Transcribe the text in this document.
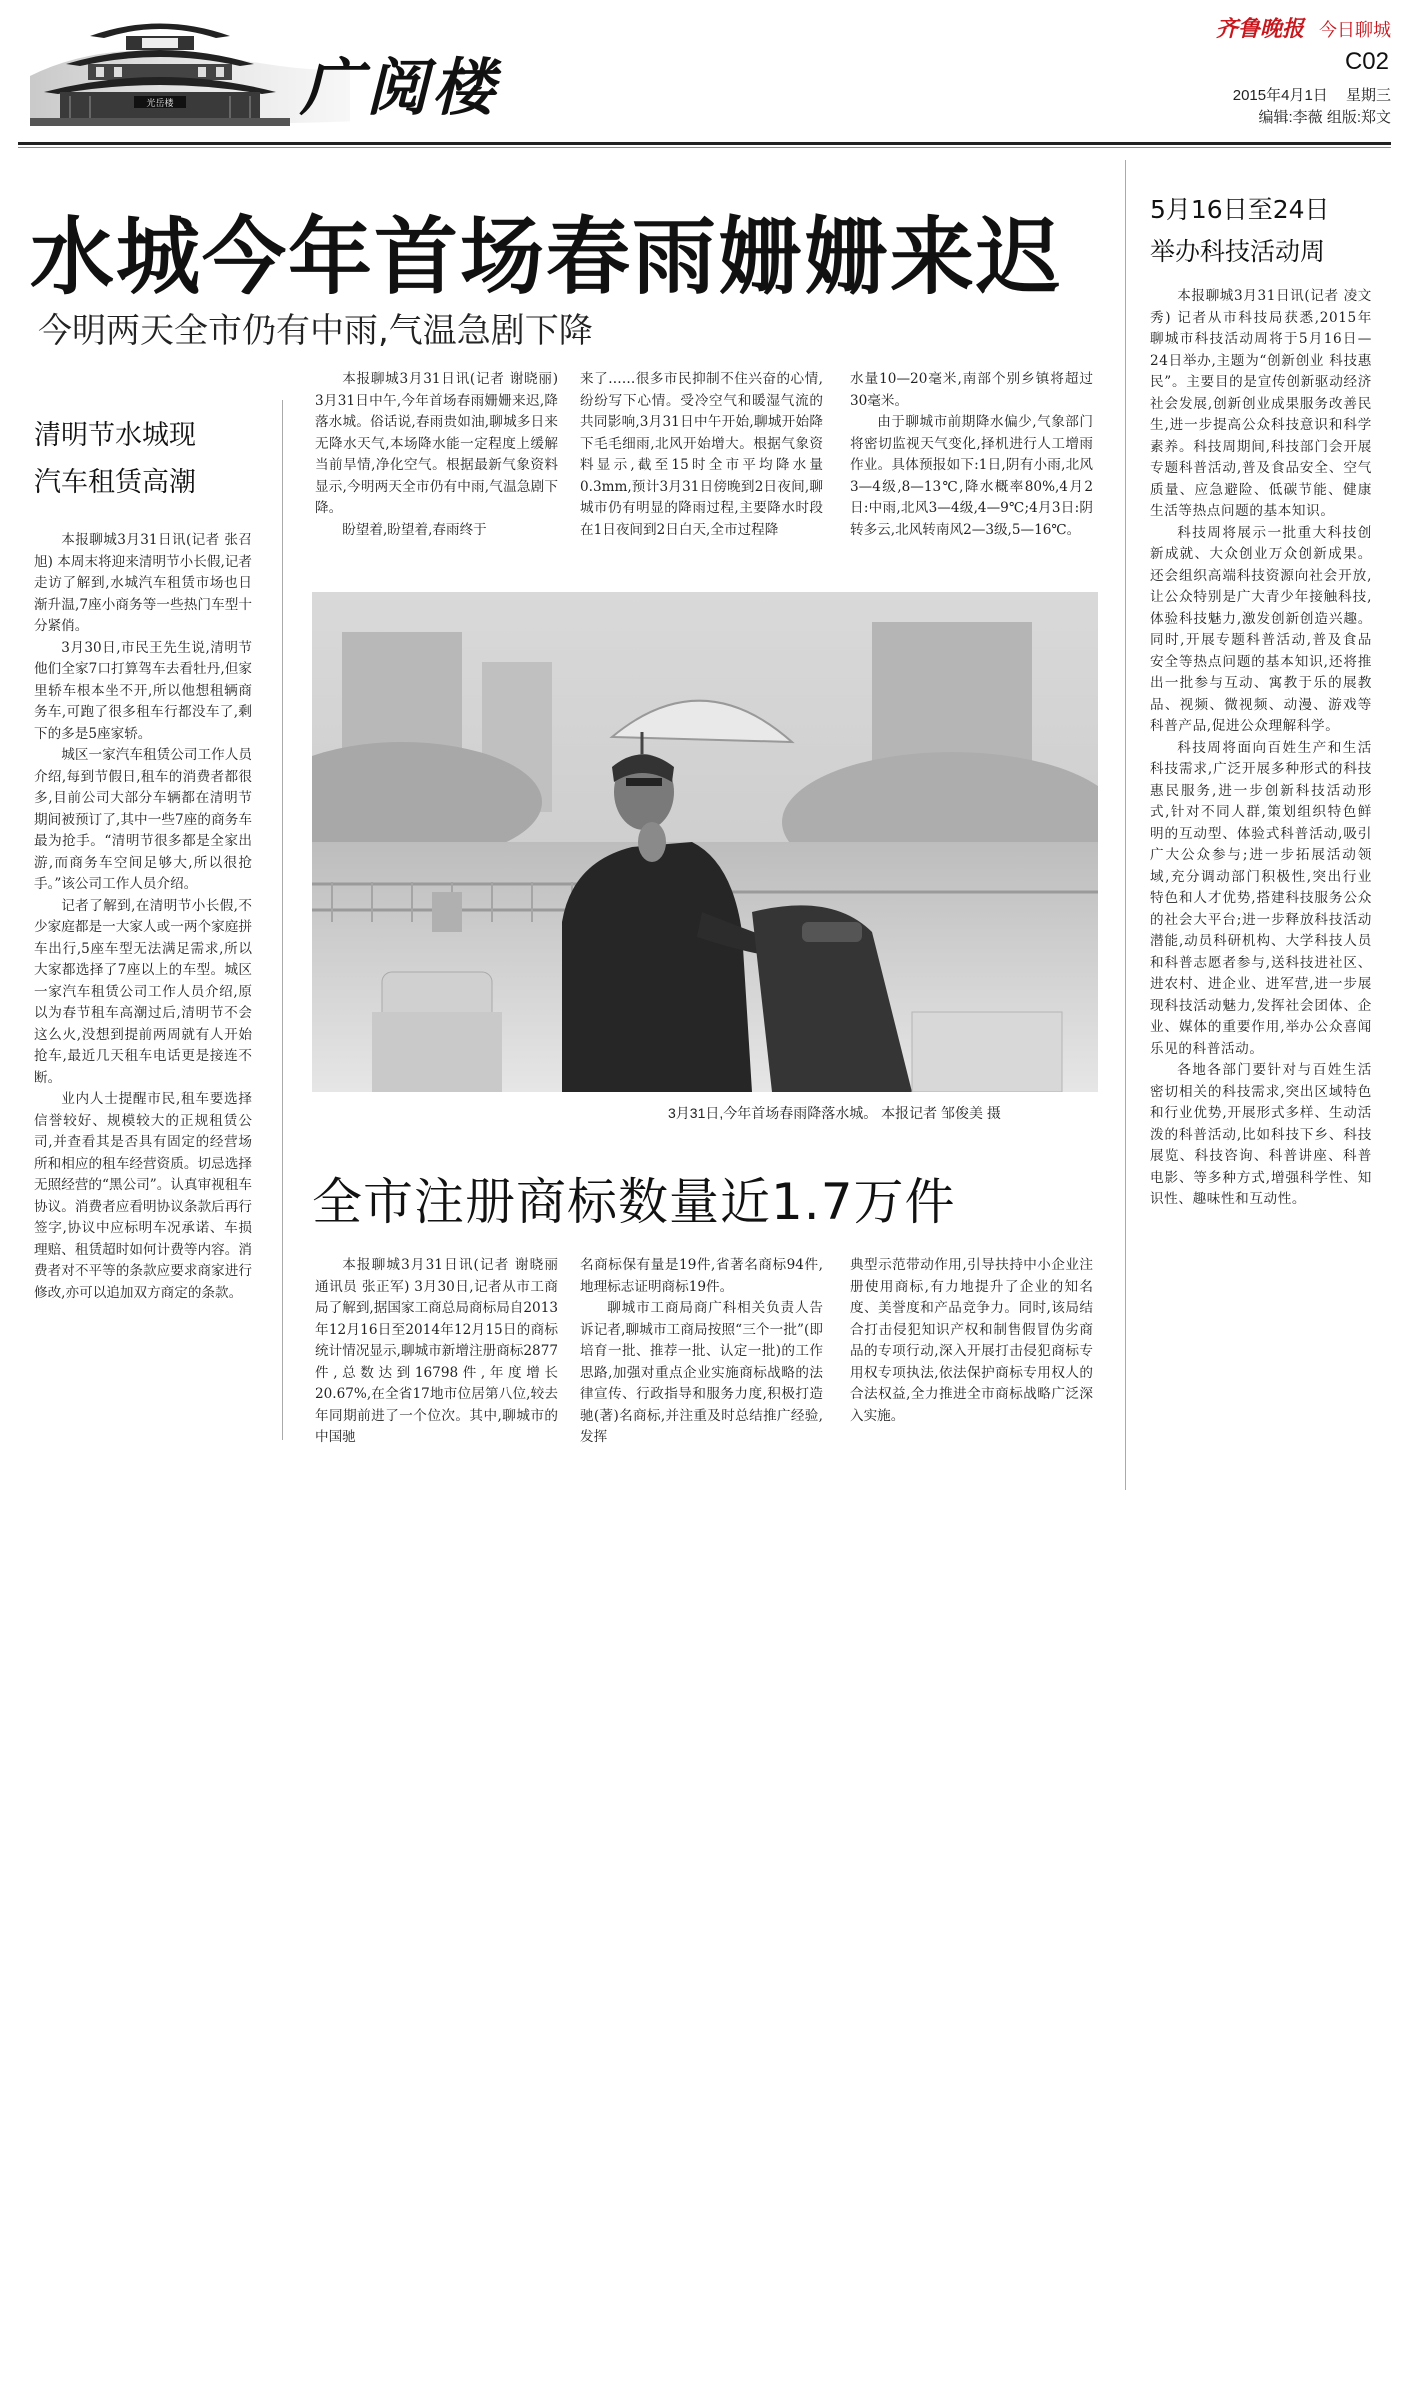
光岳楼 广阅楼
齐鲁晚报 今日聊城
C02
2015年4月1日 星期三
编辑:李薇 组版:郑文
水城今年首场春雨姗姗来迟
今明两天全市仍有中雨,气温急剧下降
清明节水城现
汽车租赁高潮

本报聊城3月31日讯(记者 张召旭) 本周末将迎来清明节小长假,记者走访了解到,水城汽车租赁市场也日渐升温,7座小商务等一些热门车型十分紧俏。

3月30日,市民王先生说,清明节他们全家7口打算驾车去看牡丹,但家里轿车根本坐不开,所以他想租辆商务车,可跑了很多租车行都没车了,剩下的多是5座家轿。

城区一家汽车租赁公司工作人员介绍,每到节假日,租车的消费者都很多,目前公司大部分车辆都在清明节期间被预订了,其中一些7座的商务车最为抢手。“清明节很多都是全家出游,而商务车空间足够大,所以很抢手。”该公司工作人员介绍。

记者了解到,在清明节小长假,不少家庭都是一大家人或一两个家庭拼车出行,5座车型无法满足需求,所以大家都选择了7座以上的车型。城区一家汽车租赁公司工作人员介绍,原以为春节租车高潮过后,清明节不会这么火,没想到提前两周就有人开始抢车,最近几天租车电话更是接连不断。

业内人士提醒市民,租车要选择信誉较好、规模较大的正规租赁公司,并查看其是否具有固定的经营场所和相应的租车经营资质。切忌选择无照经营的“黑公司”。认真审视租车协议。消费者应看明协议条款后再行签字,协议中应标明车况承诺、车损理赔、租赁超时如何计费等内容。消费者对不平等的条款应要求商家进行修改,亦可以追加双方商定的条款。

本报聊城3月31日讯(记者 谢晓丽) 3月31日中午,今年首场春雨姗姗来迟,降落水城。俗话说,春雨贵如油,聊城多日来无降水天气,本场降水能一定程度上缓解当前旱情,净化空气。根据最新气象资料显示,今明两天全市仍有中雨,气温急剧下降。

盼望着,盼望着,春雨终于

来了……很多市民抑制不住兴奋的心情,纷纷写下心情。受冷空气和暖湿气流的共同影响,3月31日中午开始,聊城开始降下毛毛细雨,北风开始增大。根据气象资料显示,截至15时全市平均降水量0.3mm,预计3月31日傍晚到2日夜间,聊城市仍有明显的降雨过程,主要降水时段在1日夜间到2日白天,全市过程降

水量10—20毫米,南部个别乡镇将超过30毫米。

由于聊城市前期降水偏少,气象部门将密切监视天气变化,择机进行人工增雨作业。具体预报如下:1日,阴有小雨,北风3—4级,8—13℃,降水概率80%,4月2日:中雨,北风3—4级,4—9℃;4月3日:阴转多云,北风转南风2—3级,5—16℃。

3月31日,今年首场春雨降落水城。 本报记者 邹俊美 摄
全市注册商标数量近1.7万件

本报聊城3月31日讯(记者 谢晓丽 通讯员 张正军) 3月30日,记者从市工商局了解到,据国家工商总局商标局自2013年12月16日至2014年12月15日的商标统计情况显示,聊城市新增注册商标2877件,总数达到16798件,年度增长20.67%,在全省17地市位居第八位,较去年同期前进了一个位次。其中,聊城市的中国驰

名商标保有量是19件,省著名商标94件,地理标志证明商标19件。

聊城市工商局商广科相关负责人告诉记者,聊城市工商局按照“三个一批”(即培育一批、推荐一批、认定一批)的工作思路,加强对重点企业实施商标战略的法律宣传、行政指导和服务力度,积极打造驰(著)名商标,并注重及时总结推广经验,发挥

典型示范带动作用,引导扶持中小企业注册使用商标,有力地提升了企业的知名度、美誉度和产品竞争力。同时,该局结合打击侵犯知识产权和制售假冒伪劣商品的专项行动,深入开展打击侵犯商标专用权专项执法,依法保护商标专用权人的合法权益,全力推进全市商标战略广泛深入实施。

5月16日至24日
举办科技活动周

本报聊城3月31日讯(记者 凌文秀) 记者从市科技局获悉,2015年聊城市科技活动周将于5月16日—24日举办,主题为“创新创业 科技惠民”。主要目的是宣传创新驱动经济社会发展,创新创业成果服务改善民生,进一步提高公众科技意识和科学素养。科技周期间,科技部门会开展专题科普活动,普及食品安全、空气质量、应急避险、低碳节能、健康生活等热点问题的基本知识。

科技周将展示一批重大科技创新成就、大众创业万众创新成果。还会组织高端科技资源向社会开放,让公众特别是广大青少年接触科技,体验科技魅力,激发创新创造兴趣。同时,开展专题科普活动,普及食品安全等热点问题的基本知识,还将推出一批参与互动、寓教于乐的展教品、视频、微视频、动漫、游戏等科普产品,促进公众理解科学。

科技周将面向百姓生产和生活科技需求,广泛开展多种形式的科技惠民服务,进一步创新科技活动形式,针对不同人群,策划组织特色鲜明的互动型、体验式科普活动,吸引广大公众参与;进一步拓展活动领域,充分调动部门积极性,突出行业特色和人才优势,搭建科技服务公众的社会大平台;进一步释放科技活动潜能,动员科研机构、大学科技人员和科普志愿者参与,送科技进社区、进农村、进企业、进军营,进一步展现科技活动魅力,发挥社会团体、企业、媒体的重要作用,举办公众喜闻乐见的科普活动。

各地各部门要针对与百姓生活密切相关的科技需求,突出区域特色和行业优势,开展形式多样、生动活泼的科普活动,比如科技下乡、科技展览、科技咨询、科普讲座、科普电影、等多种方式,增强科学性、知识性、趣味性和互动性。
